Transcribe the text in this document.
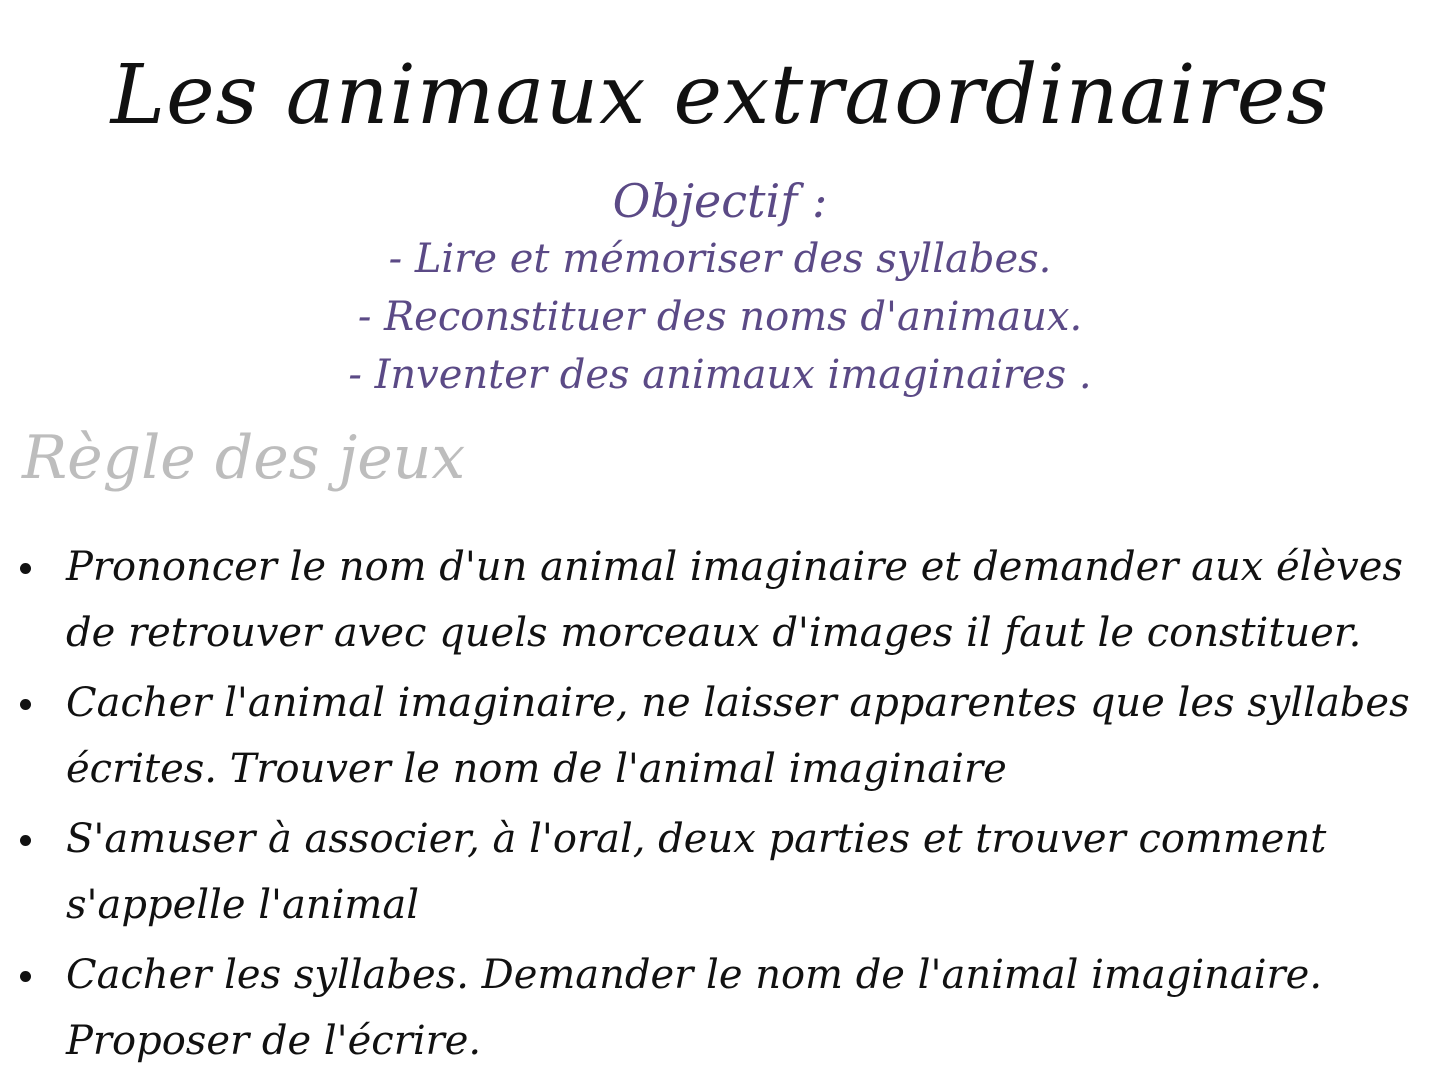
Les animaux extraordinaires

Objectif :

- Lire et mémoriser des syllabes.
- Reconstituer des noms d'animaux.
- Inventer des animaux imaginaires .
Règle des jeux
Prononcer le nom d'un animal imaginaire et demander aux élèves de retrouver avec quels morceaux d'images il faut le constituer.
Cacher l'animal imaginaire, ne laisser apparentes que les syllabes écrites. Trouver le nom de l'animal imaginaire
S'amuser à associer, à l'oral, deux parties et trouver comment s'appelle l'animal
Cacher les syllabes. Demander le nom de l'animal imaginaire. Proposer de l'écrire.
